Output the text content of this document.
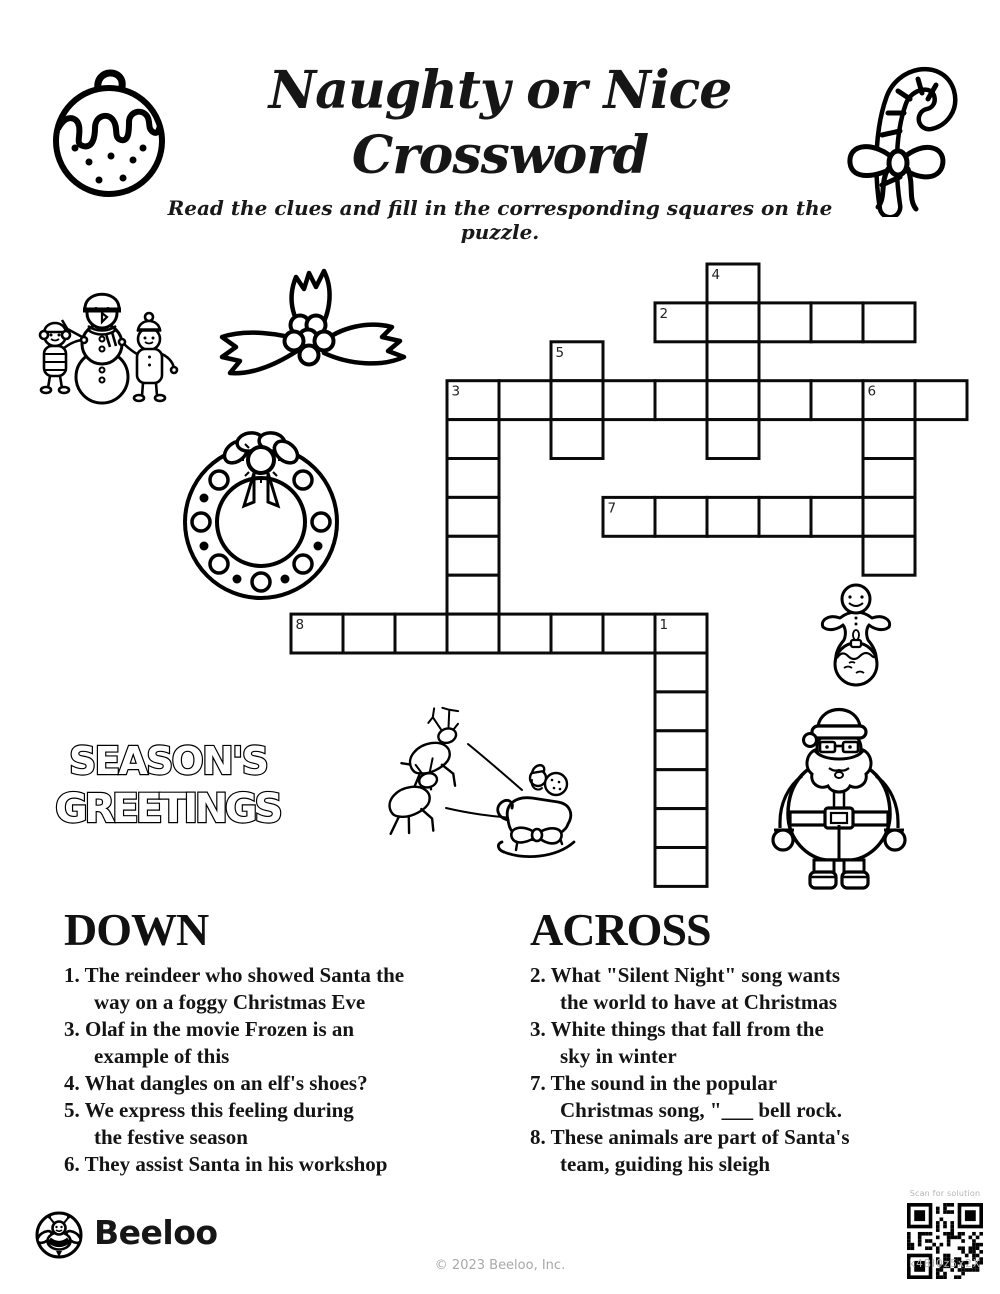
Naughty or Nice Crossword
Read the clues and fill in the corresponding squares on the puzzle.
4
2
5
3	6
7
8	1
SEASON'S
GREETINGS
DOWN

1. The reindeer who showed Santa the
way on a foggy Christmas Eve

3. Olaf in the movie Frozen is an
example of this

4. What dangles on an elf's shoes?

5. We express this feeling during
the festive season

6. They assist Santa in his workshop

ACROSS

2. What "Silent Night" song wants
the world to have at Christmas

3. White things that fall from the
sky in winter

7. The sound in the popular
Christmas song, "___ bell rock.

8. These animals are part of Santa's
team, guiding his sleigh

Beeloo
© 2023 Beeloo, Inc.
Scan for solution
k4BI0z5x2X
